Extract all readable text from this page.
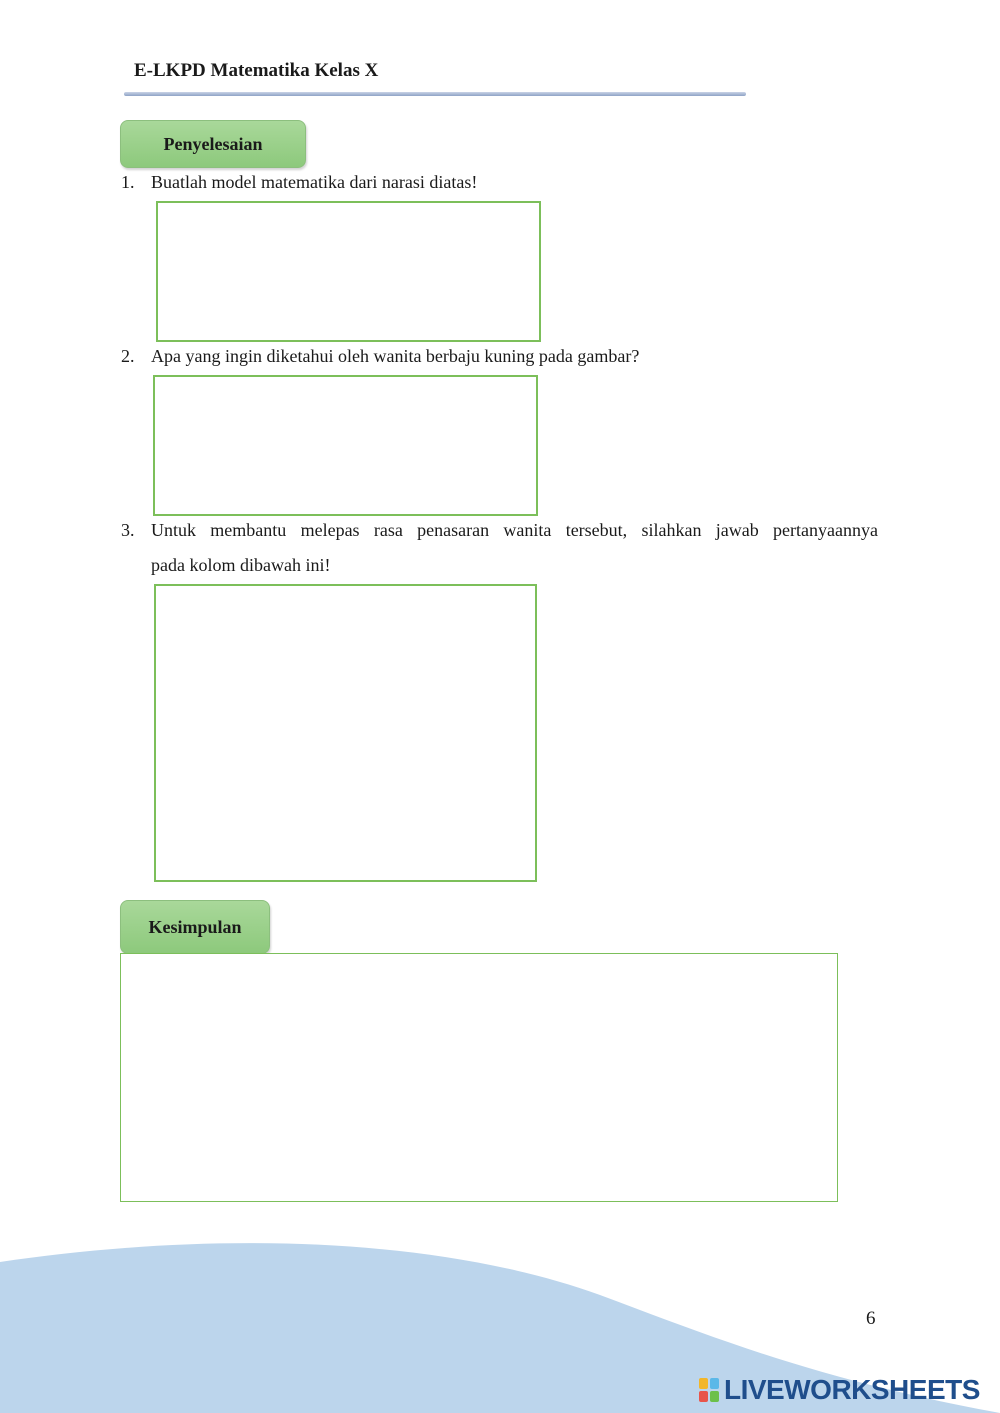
E-LKPD Matematika Kelas X
Penyelesaian
1. Buatlah model matematika dari narasi diatas!
2. Apa yang ingin diketahui oleh wanita berbaju kuning pada gambar?
3. Untuk membantu melepas rasa penasaran wanita tersebut, silahkan jawab pertanyaannya
pada kolom dibawah ini!
Kesimpulan
6
LIVEWORKSHEETS
